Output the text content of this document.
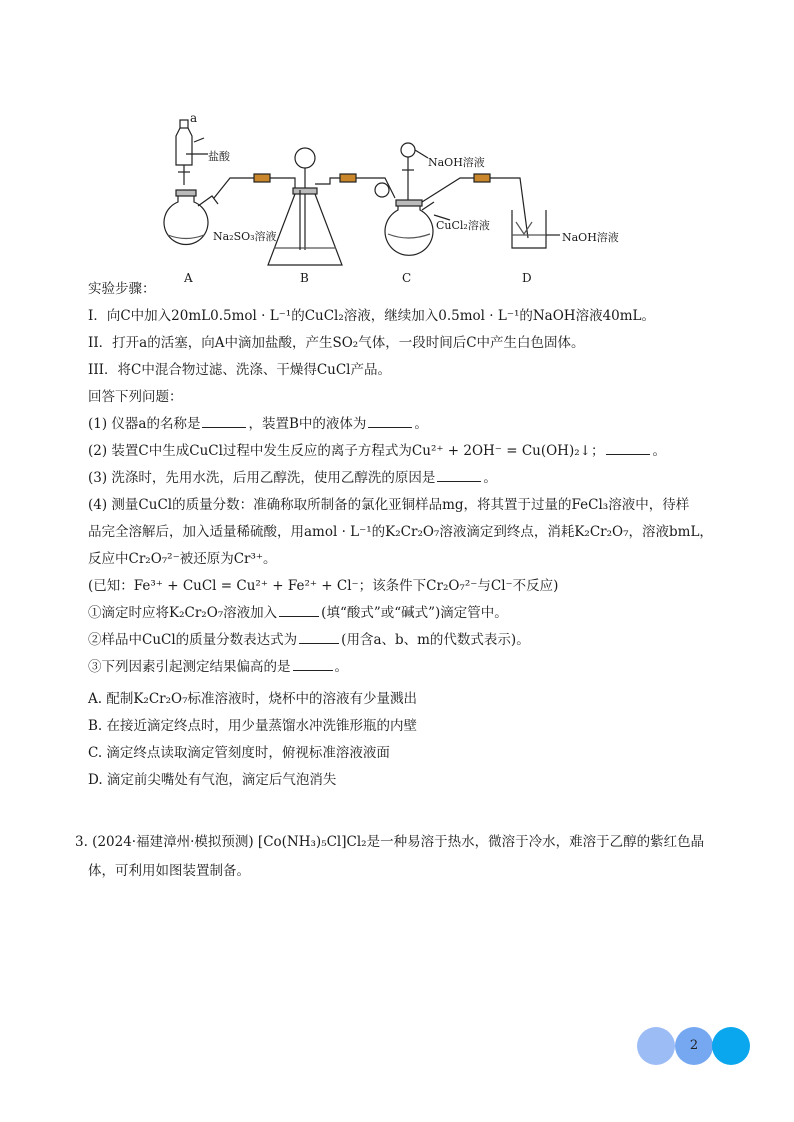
a
盐酸
Na₂SO₃溶液
NaOH溶液
CuCl₂溶液
NaOH溶液
A	B	C	D
实验步骤：
I．向C中加入20mL0.5mol · L⁻¹的CuCl₂溶液，继续加入0.5mol · L⁻¹的NaOH溶液40mL。
II．打开a的活塞，向A中滴加盐酸，产生SO₂气体，一段时间后C中产生白色固体。
III．将C中混合物过滤、洗涤、干燥得CuCl产品。
回答下列问题：
(1) 仪器a的名称是	，装置B中的液体为	。
(2) 装置C中生成CuCl过程中发生反应的离子方程式为Cu²⁺ + 2OH⁻ = Cu(OH)₂↓；	。
(3) 洗涤时，先用水洗，后用乙醇洗，使用乙醇洗的原因是	。
(4) 测量CuCl的质量分数：准确称取所制备的氯化亚铜样品mg，将其置于过量的FeCl₃溶液中，待样
品完全溶解后，加入适量稀硫酸，用amol · L⁻¹的K₂Cr₂O₇溶液滴定到终点，消耗K₂Cr₂O₇，溶液bmL，
反应中Cr₂O₇²⁻被还原为Cr³⁺。
(已知：Fe³⁺ + CuCl = Cu²⁺ + Fe²⁺ + Cl⁻；该条件下Cr₂O₇²⁻与Cl⁻不反应)
①滴定时应将K₂Cr₂O₇溶液加入	(填“酸式”或“碱式”)滴定管中。
②样品中CuCl的质量分数表达式为	(用含a、b、m的代数式表示)。
③下列因素引起测定结果偏高的是	。
A. 配制K₂Cr₂O₇标准溶液时，烧杯中的溶液有少量溅出
B. 在接近滴定终点时，用少量蒸馏水冲洗锥形瓶的内壁
C. 滴定终点读取滴定管刻度时，俯视标准溶液液面
D. 滴定前尖嘴处有气泡，滴定后气泡消失
3. (2024·福建漳州·模拟预测) [Co(NH₃)₅Cl]Cl₂是一种易溶于热水，微溶于冷水，难溶于乙醇的紫红色晶
体，可利用如图装置制备。
2
